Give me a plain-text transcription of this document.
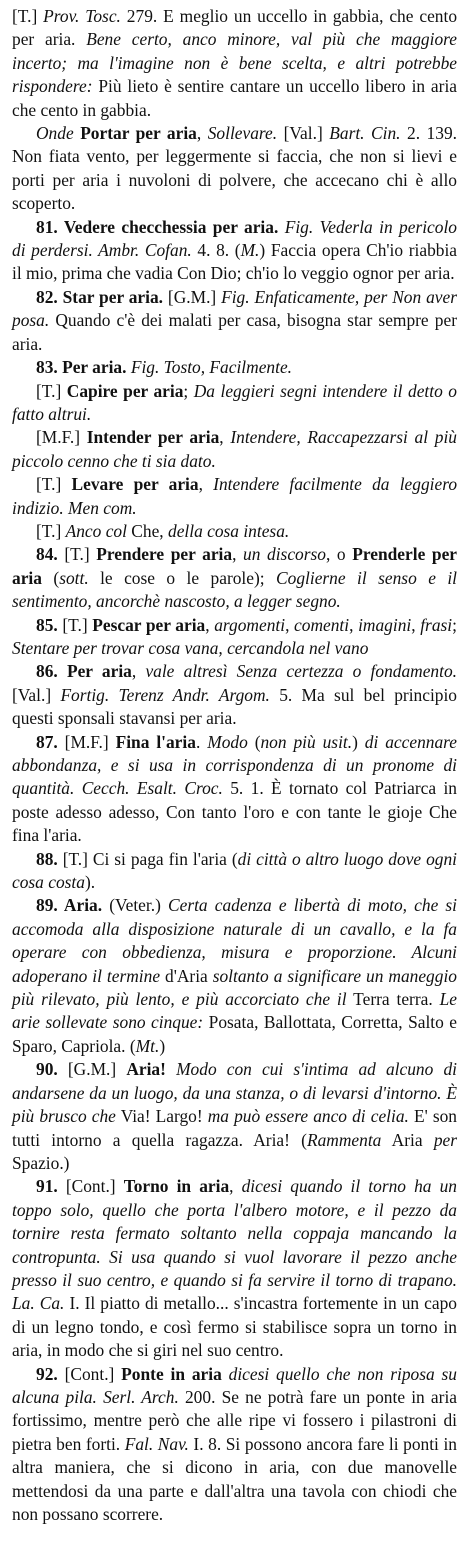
[T.] Prov. Tosc. 279. E meglio un uccello in gabbia, che cento per aria. Bene certo, anco minore, val più che maggiore incerto; ma l'imagine non è bene scelta, e altri potrebbe rispondere: Più lieto è sentire cantare un uccello libero in aria che cento in gabbia.

Onde Portar per aria, Sollevare. [Val.] Bart. Cin. 2. 139. Non fiata vento, per leggermente si faccia, che non si lievi e porti per aria i nuvoloni di polvere, che accecano chi è allo scoperto.

81. Vedere checchessia per aria. Fig. Vederla in pericolo di perdersi. Ambr. Cofan. 4. 8. (M.) Faccia opera Ch'io riabbia il mio, prima che vadia Con Dio; ch'io lo veggio ognor per aria.

82. Star per aria. [G.M.] Fig. Enfaticamente, per Non aver posa. Quando c'è dei malati per casa, bisogna star sempre per aria.

83. Per aria. Fig. Tosto, Facilmente.

[T.] Capire per aria; Da leggieri segni intendere il detto o fatto altrui.

[M.F.] Intender per aria, Intendere, Raccapezzarsi al più piccolo cenno che ti sia dato.

[T.] Levare per aria, Intendere facilmente da leggiero indizio. Men com.

[T.] Anco col Che, della cosa intesa.

84. [T.] Prendere per aria, un discorso, o Prenderle per aria (sott. le cose o le parole); Coglierne il senso e il sentimento, ancorchè nascosto, a legger segno.

85. [T.] Pescar per aria, argomenti, comenti, imagini, frasi; Stentare per trovar cosa vana, cercandola nel vano

86. Per aria, vale altresì Senza certezza o fondamento. [Val.] Fortig. Terenz Andr. Argom. 5. Ma sul bel principio questi sponsali stavansi per aria.

87. [M.F.] Fina l'aria. Modo (non più usit.) di accennare abbondanza, e si usa in corrispondenza di un pronome di quantità. Cecch. Esalt. Croc. 5. 1. È tornato col Patriarca in poste adesso adesso, Con tanto l'oro e con tante le gioje Che fina l'aria.

88. [T.] Ci si paga fin l'aria (di città o altro luogo dove ogni cosa costa).

89. Aria. (Veter.) Certa cadenza e libertà di moto, che si accomoda alla disposizione naturale di un cavallo, e la fa operare con obbedienza, misura e proporzione. Alcuni adoperano il termine d'Aria soltanto a significare un maneggio più rilevato, più lento, e più accorciato che il Terra terra. Le arie sollevate sono cinque: Posata, Ballottata, Corretta, Salto e Sparo, Capriola. (Mt.)

90. [G.M.] Aria! Modo con cui s'intima ad alcuno di andarsene da un luogo, da una stanza, o di levarsi d'intorno. È più brusco che Via! Largo! ma può essere anco di celia. E' son tutti intorno a quella ragazza. Aria! (Rammenta Aria per Spazio.)

91. [Cont.] Torno in aria, dicesi quando il torno ha un toppo solo, quello che porta l'albero motore, e il pezzo da tornire resta fermato soltanto nella coppaja mancando la contropunta. Si usa quando si vuol lavorare il pezzo anche presso il suo centro, e quando si fa servire il torno di trapano. La. Ca. I. Il piatto di metallo... s'incastra fortemente in un capo di un legno tondo, e così fermo si stabilisce sopra un torno in aria, in modo che si giri nel suo centro.

92. [Cont.] Ponte in aria dicesi quello che non riposa su alcuna pila. Serl. Arch. 200. Se ne potrà fare un ponte in aria fortissimo, mentre però che alle ripe vi fossero i pilastroni di pietra ben forti. Fal. Nav. I. 8. Si possono ancora fare li ponti in altra maniera, che si dicono in aria, con due manovelle mettendosi da una parte e dall'altra una tavola con chiodi che non possano scorrere.
